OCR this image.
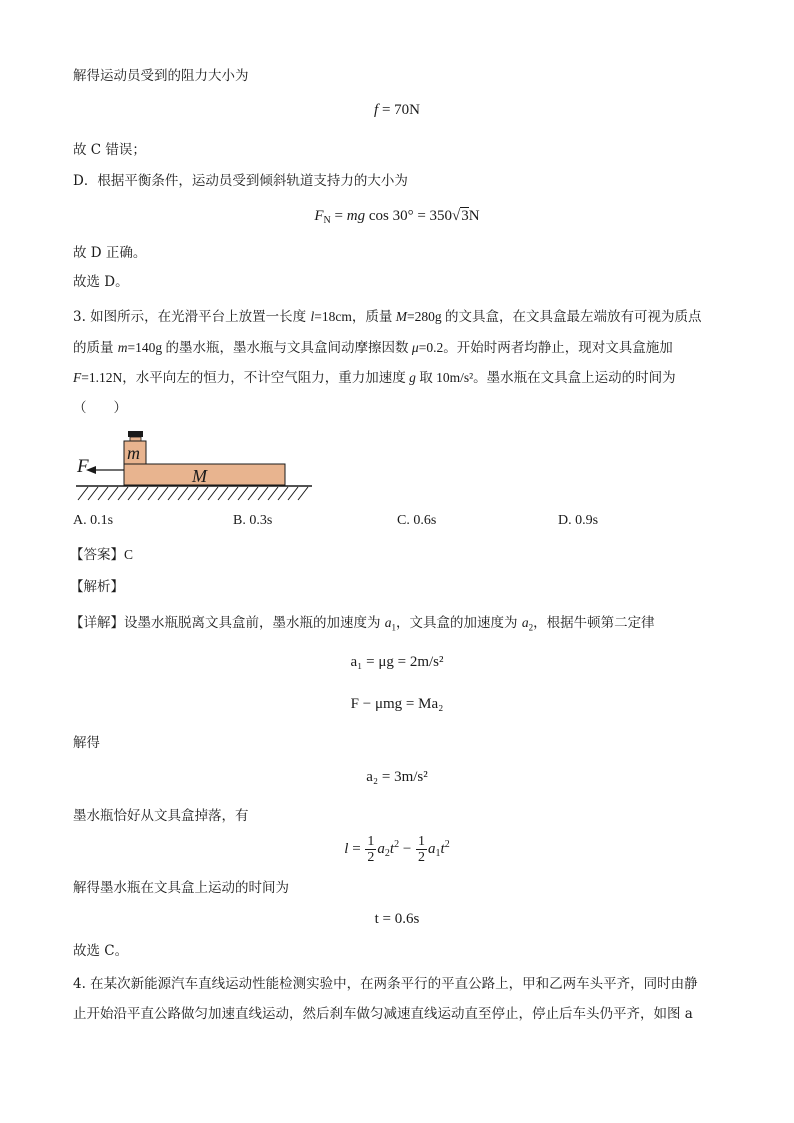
解得运动员受到的阻力大小为
f = 70N
故 C 错误；
D．根据平衡条件，运动员受到倾斜轨道支持力的大小为
$F_N$ = mg cos 30° = 350√3N
故 D 正确。
故选 D。
3. 如图所示，在光滑平台上放置一长度 l=18cm，质量 M=280g 的文具盒，在文具盒最左端放有可视为质点
的质量 m=140g 的墨水瓶，墨水瓶与文具盒间动摩擦因数 μ=0.2。开始时两者均静止，现对文具盒施加
F=1.12N，水平向左的恒力，不计空气阻力，重力加速度 g 取 10m/s²。墨水瓶在文具盒上运动的时间为
（　　）
m
M
F
A. 0.1s	B. 0.3s	C. 0.6s	D. 0.9s
【答案】C
【解析】
【详解】设墨水瓶脱离文具盒前，墨水瓶的加速度为 $a_1$，文具盒的加速度为 $a_2$，根据牛顿第二定律
a₁ = μg = 2m/s²
F − μmg = Ma₂
解得
a₂ = 3m/s²
墨水瓶恰好从文具盒掉落，有
$l = \frac{1}{2} a_2t^2 - \frac{1}{2} a_1t^2$
解得墨水瓶在文具盒上运动的时间为
t = 0.6s
故选 C。
4. 在某次新能源汽车直线运动性能检测实验中，在两条平行的平直公路上，甲和乙两车头平齐，同时由静
止开始沿平直公路做匀加速直线运动，然后刹车做匀减速直线运动直至停止，停止后车头仍平齐，如图 a
